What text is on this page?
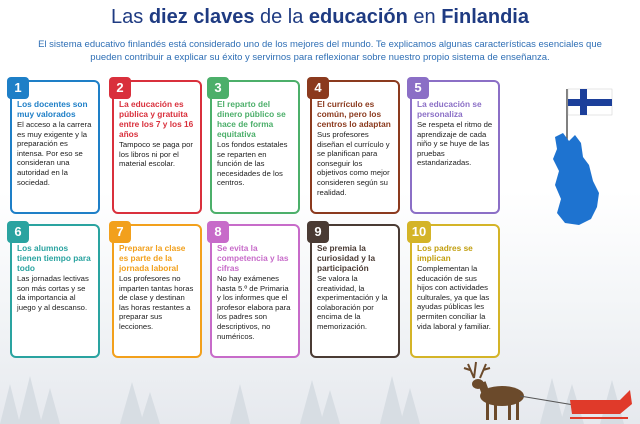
Las diez claves de la educación en Finlandia
El sistema educativo finlandés está considerado uno de los mejores del mundo. Te explicamos algunas características esenciales que pueden contribuir a explicar su éxito y servirnos para reflexionar sobre nuestro propio sistema de enseñanza.
1
Los docentes son muy valorados
El acceso a la carrera es muy exigente y la preparación es intensa. Por eso se consideran una autoridad en la sociedad.
2
La educación es pública y gratuita entre los 7 y los 16 años
Tampoco se paga por los libros ni por el material escolar.
3
El reparto del dinero público se hace de forma equitativa
Los fondos estatales se reparten en función de las necesidades de los centros.
4
El currículo es común, pero los centros lo adaptan
Sus profesores diseñan el currículo y se planifican para conseguir los objetivos como mejor consideren según su realidad.
5
La educación se personaliza
Se respeta el ritmo de aprendizaje de cada niño y se huye de las pruebas estandarizadas.
6
Los alumnos tienen tiempo para todo
Las jornadas lectivas son más cortas y se da importancia al juego y al descanso.
7
Preparar la clase es parte de la jornada laboral
Los profesores no imparten tantas horas de clase y destinan las horas restantes a preparar sus lecciones.
8
Se evita la competencia y las cifras
No hay exámenes hasta 5.º de Primaria y los informes que el profesor elabora para los padres son descriptivos, no numéricos.
9
Se premia la curiosidad y la participación
Se valora la creatividad, la experimentación y la colaboración por encima de la memorización.
10
Los padres se implican
Complementan la educación de sus hijos con actividades culturales, ya que las ayudas públicas les permiten conciliar la vida laboral y familiar.
